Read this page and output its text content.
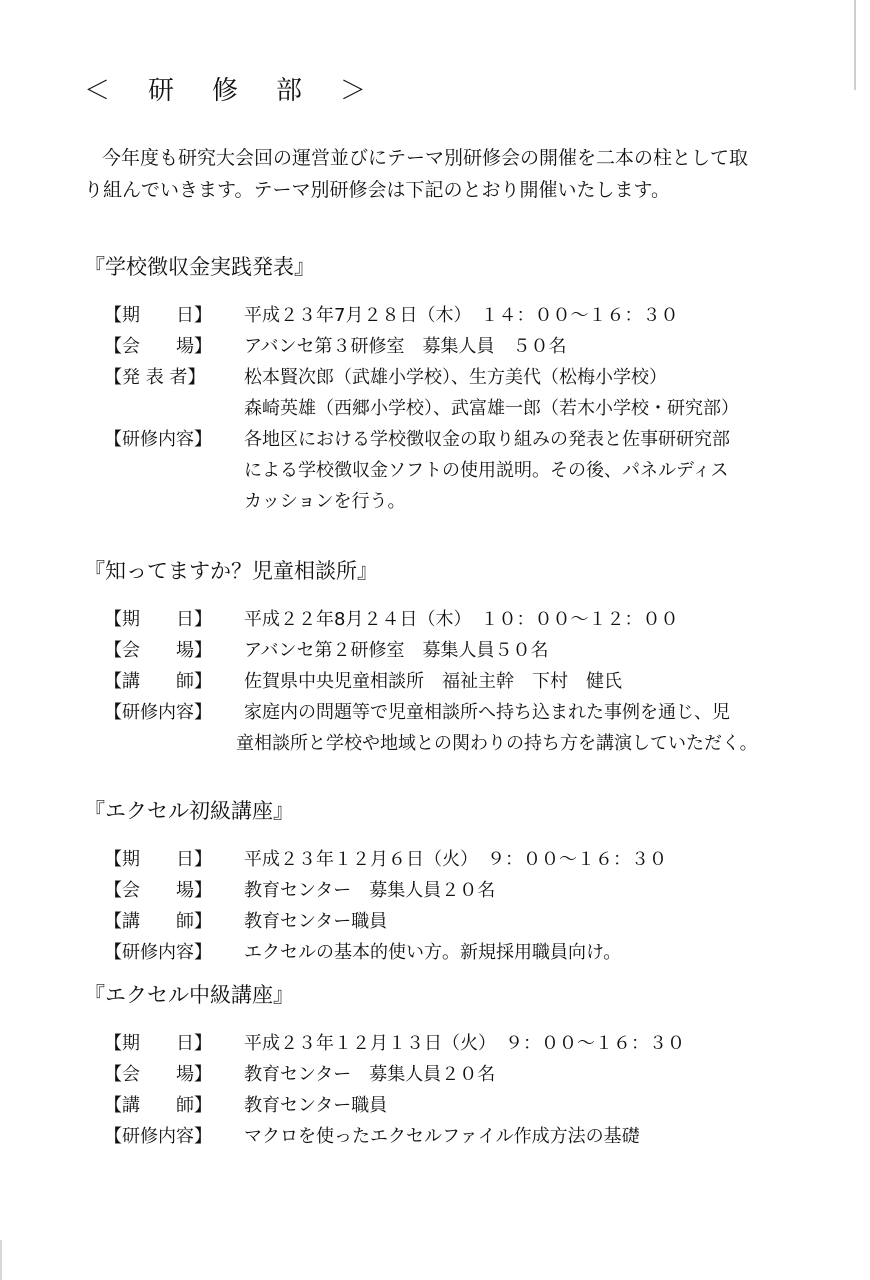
＜　研　修　部　＞

今年度も研究大会回の運営並びにテーマ別研修会の開催を二本の柱として取

り組んでいきます。テーマ別研修会は下記のとおり開催いたします。

『学校徴収金実践発表』
【期　　日】	平成２３年7月２８日（木）　１４：００～１６：３０

【会　　場】	アバンセ第３研修室　募集人員　５０名

【発 表 者】	松本賢次郎（武雄小学校）、生方美代（松梅小学校）

森崎英雄（西郷小学校）、武富雄一郎（若木小学校・研究部）

【研修内容】	各地区における学校徴収金の取り組みの発表と佐事研研究部

による学校徴収金ソフトの使用説明。その後、パネルディス

カッションを行う。

『知ってますか？児童相談所』
【期　　日】	平成２２年8月２４日（木）　１０：００～１２：００

【会　　場】	アバンセ第２研修室　募集人員５０名

【講　　師】	佐賀県中央児童相談所　福祉主幹　下村　健氏

【研修内容】	家庭内の問題等で児童相談所へ持ち込まれた事例を通じ、児

童相談所と学校や地域との関わりの持ち方を講演していただく。
『エクセル初級講座』
【期　　日】	平成２３年１２月６日（火）　９：００～１６：３０

【会　　場】	教育センター　募集人員２０名

【講　　師】	教育センター職員

【研修内容】	エクセルの基本的使い方。新規採用職員向け。

『エクセル中級講座』
【期　　日】	平成２３年１２月１３日（火）　９：００～１６：３０

【会　　場】	教育センター　募集人員２０名

【講　　師】	教育センター職員

【研修内容】	マクロを使ったエクセルファイル作成方法の基礎
